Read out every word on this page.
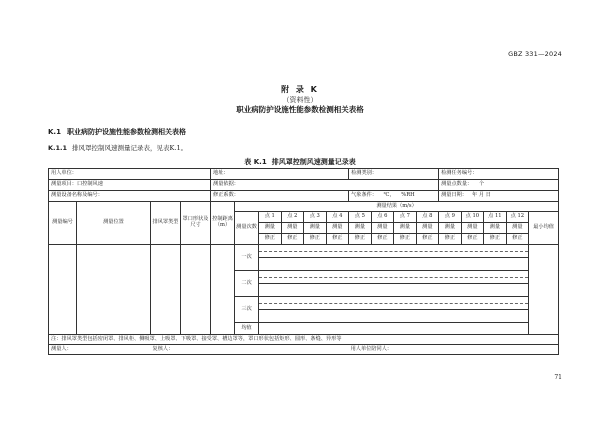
GBZ 331—2024
附 录 K
（资料性）
职业病防护设施性能参数检测相关表格
K.1 职业病防护设施性能参数检测相关表格
K.1.1 排风罩控制风速测量记录表，见表K.1。
表 K.1 排风罩控制风速测量记录表
用人单位：				地址：						检测类别：				检测任务编号：				
测量项目：口控制风速				测量依据：										测量点数量： 个				
测量设备名称及编号：				修正系数：						气象条件： ℃， %RH				测量日期： 年 月 日				
测量编号	测量位置	排风罩类型	罩口形状及尺寸	控制距离（m）	测量结果（m/s）													
					测量次数	点 1	点 2	点 3	点 4	点 5	点 6	点 7	点 8	点 9	点 10	点 11	点 12	最小均值
						测量	测量	测量	测量	测量	测量	测量	测量	测量	测量	测量	测量	
						修正	修正	修正	修正	修正	修正	修正	修正	修正	修正	修正	修正	
					一次												

					二次													

					三次													

					均值													
注：排风罩类型包括密闭罩、排风柜、侧吸罩、上吸罩、下吸罩、接受罩、槽边罩等，罩口形状包括矩形、圆形、条缝、异形等																		
测量人：		复核人：								用人单位陪同人：								
71
